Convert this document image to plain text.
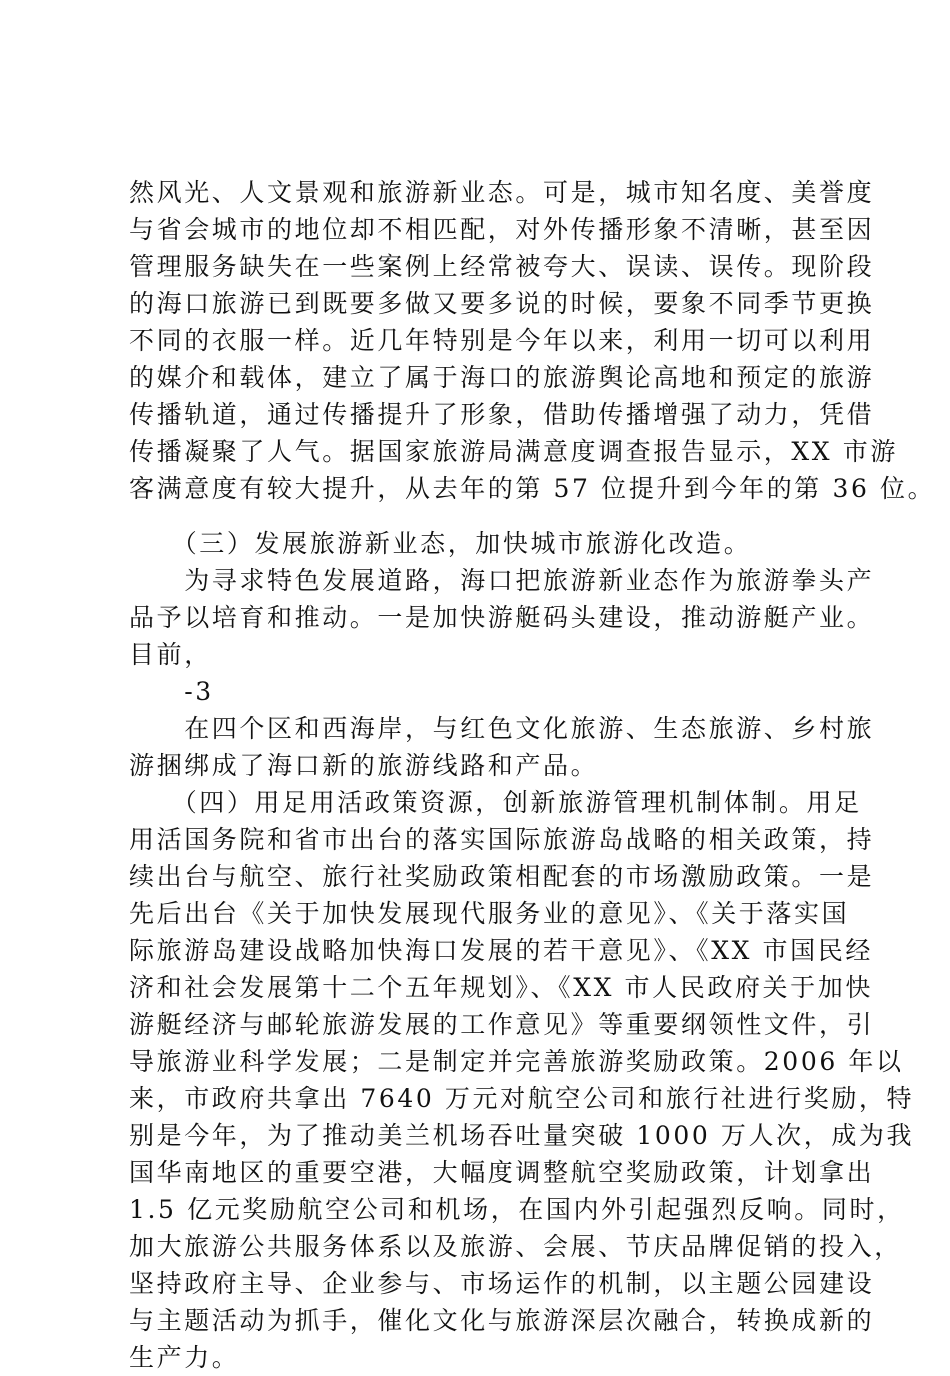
然风光、人文景观和旅游新业态。可是，城市知名度、美誉度
与省会城市的地位却不相匹配，对外传播形象不清晰，甚至因
管理服务缺失在一些案例上经常被夸大、误读、误传。现阶段
的海口旅游已到既要多做又要多说的时候，要象不同季节更换
不同的衣服一样。近几年特别是今年以来，利用一切可以利用
的媒介和载体，建立了属于海口的旅游舆论高地和预定的旅游
传播轨道，通过传播提升了形象，借助传播增强了动力，凭借
传播凝聚了人气。据国家旅游局满意度调查报告显示，XX 市游
客满意度有较大提升，从去年的第 57 位提升到今年的第 36 位。
　　（三）发展旅游新业态，加快城市旅游化改造。
　　为寻求特色发展道路，海口把旅游新业态作为旅游拳头产
品予以培育和推动。一是加快游艇码头建设，推动游艇产业。
目前，
　　-3
　　在四个区和西海岸，与红色文化旅游、生态旅游、乡村旅
游捆绑成了海口新的旅游线路和产品。
　　（四）用足用活政策资源，创新旅游管理机制体制。用足
用活国务院和省市出台的落实国际旅游岛战略的相关政策，持
续出台与航空、旅行社奖励政策相配套的市场激励政策。一是
先后出台《关于加快发展现代服务业的意见》、《关于落实国
际旅游岛建设战略加快海口发展的若干意见》、《XX 市国民经
济和社会发展第十二个五年规划》、《XX 市人民政府关于加快
游艇经济与邮轮旅游发展的工作意见》等重要纲领性文件，引
导旅游业科学发展；二是制定并完善旅游奖励政策。2006 年以
来，市政府共拿出 7640 万元对航空公司和旅行社进行奖励，特
别是今年，为了推动美兰机场吞吐量突破 1000 万人次，成为我
国华南地区的重要空港，大幅度调整航空奖励政策，计划拿出
1.5 亿元奖励航空公司和机场，在国内外引起强烈反响。同时，
加大旅游公共服务体系以及旅游、会展、节庆品牌促销的投入，
坚持政府主导、企业参与、市场运作的机制，以主题公园建设
与主题活动为抓手，催化文化与旅游深层次融合，转换成新的
生产力。
